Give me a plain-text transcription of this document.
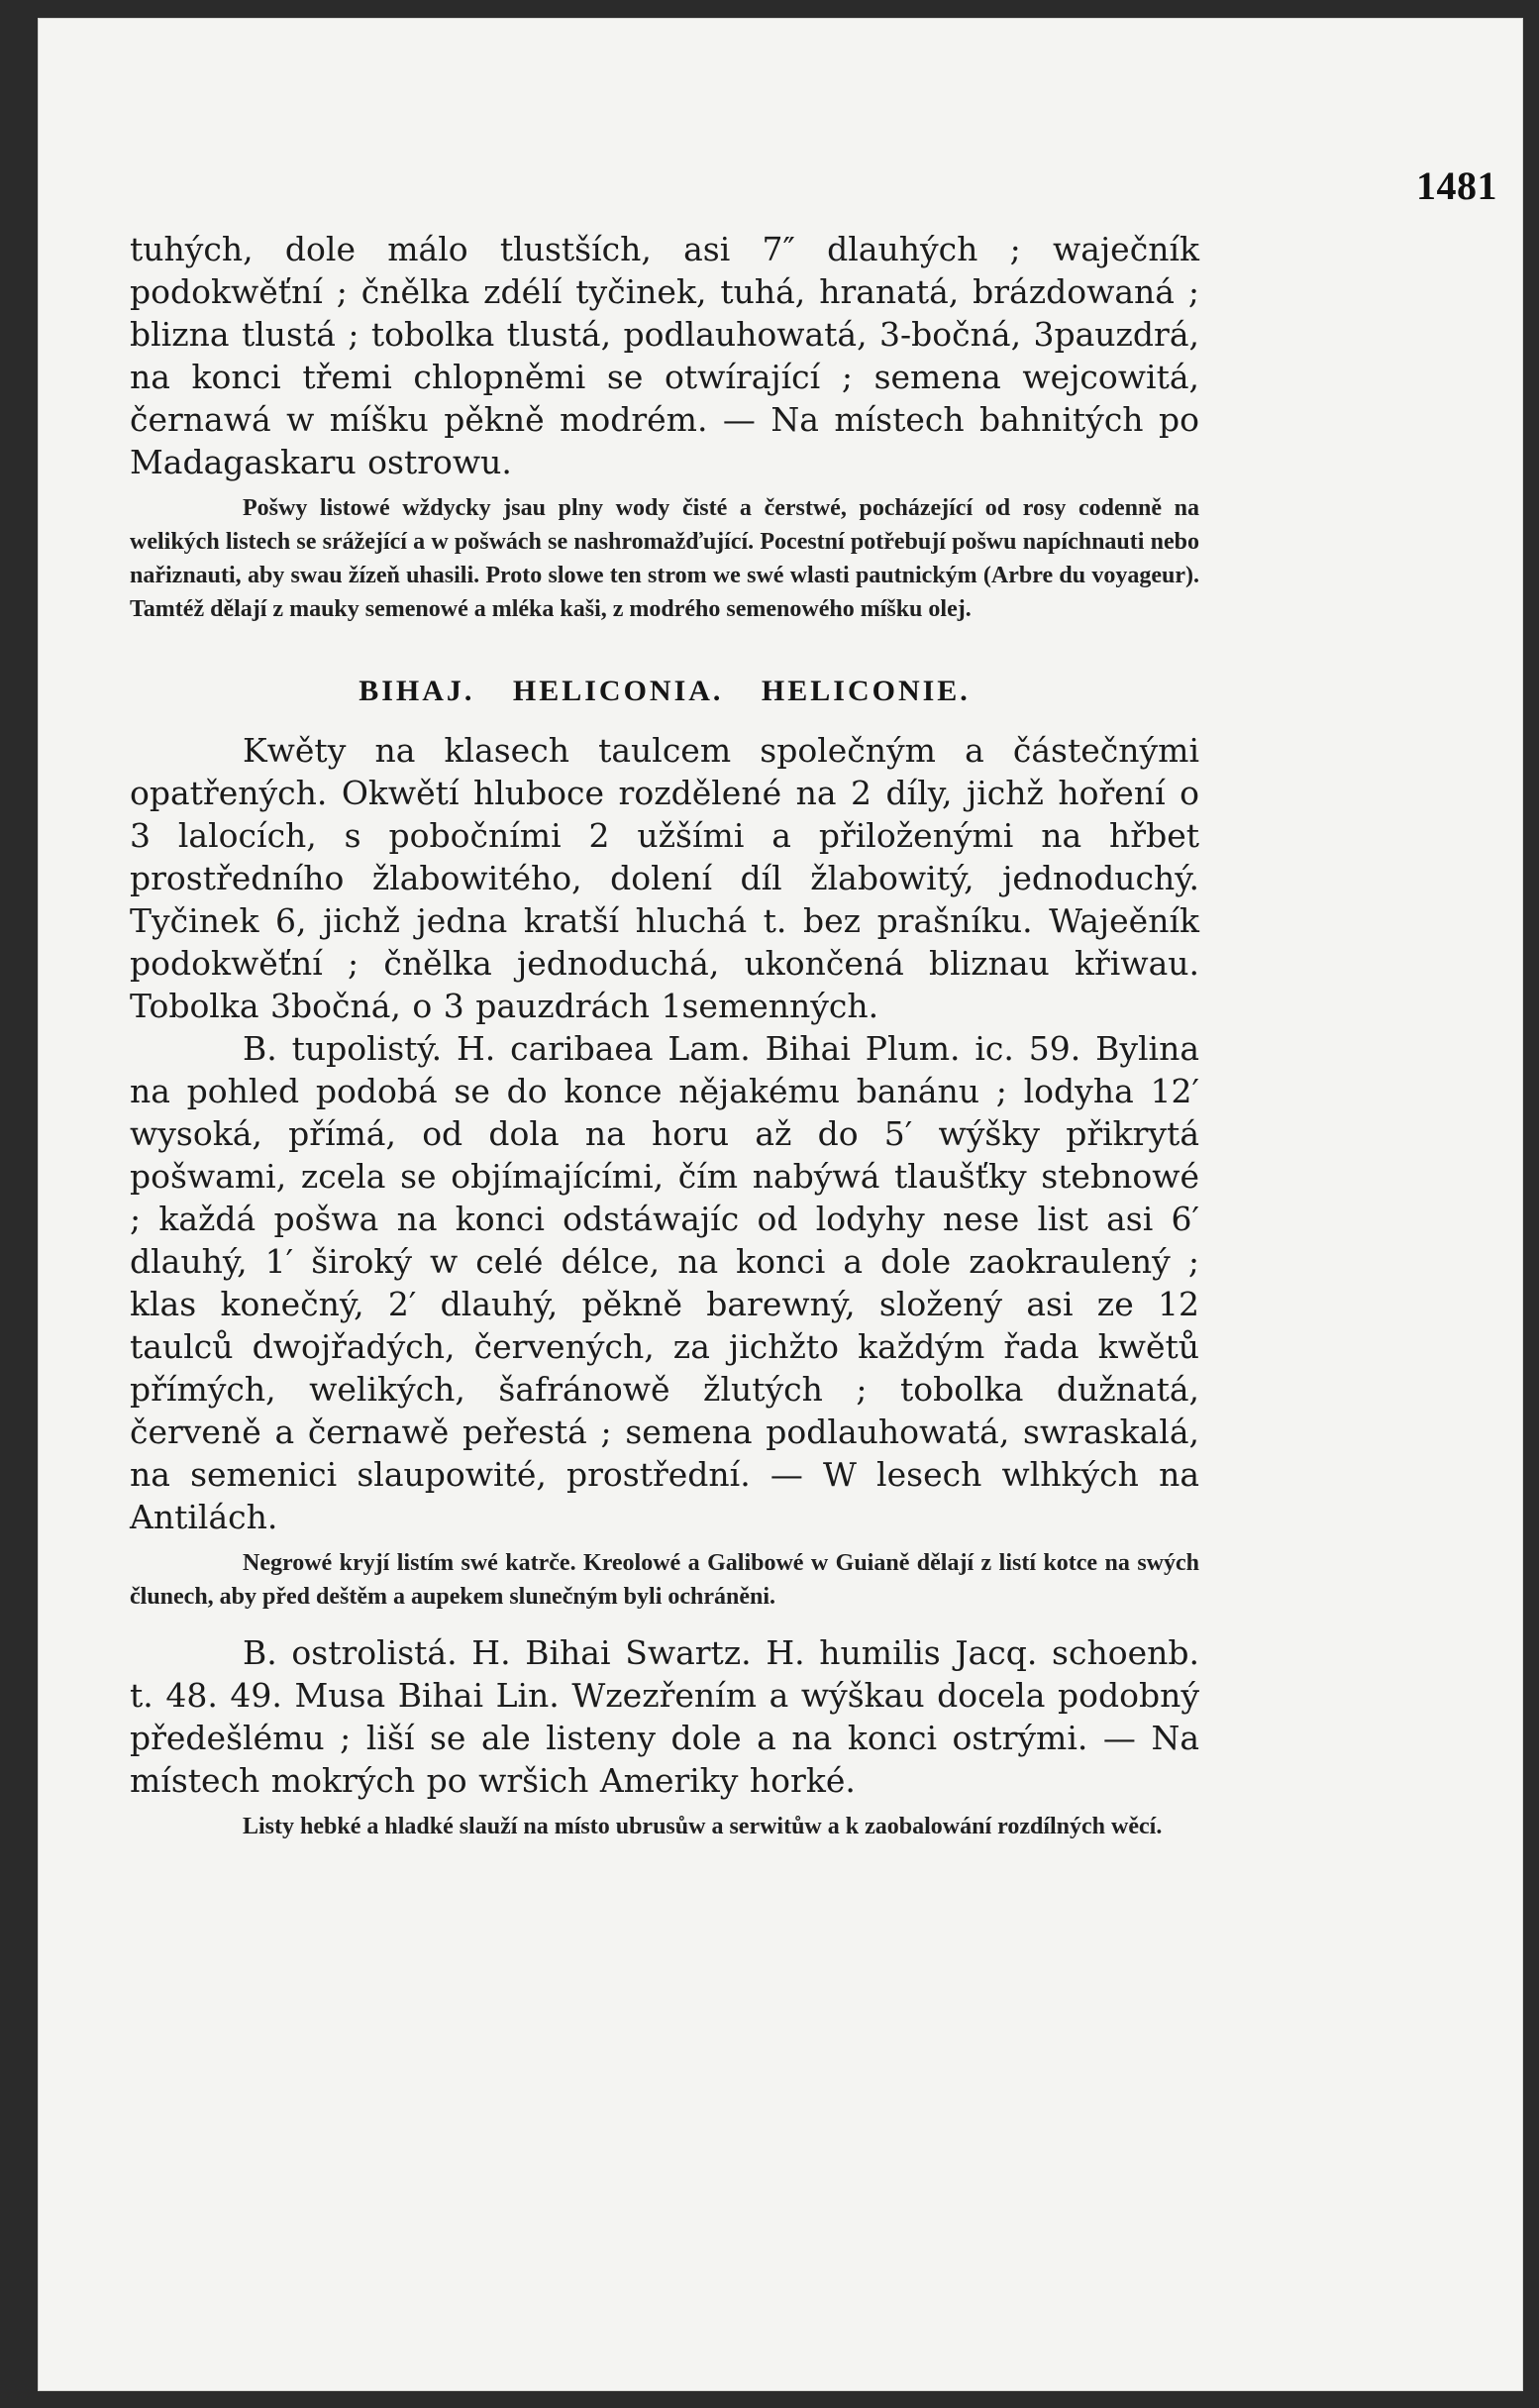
1481

tuhých, dole málo tlustších, asi 7″ dlauhých ; waječník podokwěťní ; čnělka zdélí tyčinek, tuhá, hranatá, brázdowaná ; blizna tlustá ; tobolka tlustá, podlauhowatá, 3-bočná, 3pauzdrá, na konci třemi chlopněmi se otwírající ; semena wejcowitá, černawá w míšku pěkně modrém. — Na místech bahnitých po Madagaskaru ostrowu.

Pošwy listowé wždycky jsau plny wody čisté a čerstwé, pocházející od rosy codenně na welikých listech se srážející a w pošwách se nashromažďující. Pocestní potřebují pošwu napíchnauti nebo nařiznauti, aby swau žízeň uhasili. Proto slowe ten strom we swé wlasti pautnickým (Arbre du voyageur). Tamtéž dělají z mauky semenowé a mléka kaši, z modrého semenowého míšku olej.

BIHAJ. HELICONIA. HELICONIE.

Kwěty na klasech taulcem společným a částečnými opatřených. Okwětí hluboce rozdělené na 2 díly, jichž hoření o 3 lalocích, s pobočními 2 užšími a přiloženými na hřbet prostředního žlabowitého, dolení díl žlabowitý, jednoduchý. Tyčinek 6, jichž jedna kratší hluchá t. bez prašníku. Wajeěník podokwěťní ; čnělka jednoduchá, ukončená bliznau křiwau. Tobolka 3bočná, o 3 pauzdrách 1semenných.

B. tupolistý. H. caribaea Lam. Bihai Plum. ic. 59. Bylina na pohled podobá se do konce nějakému banánu ; lodyha 12′ wysoká, přímá, od dola na horu až do 5′ wýšky přikrytá pošwami, zcela se objímajícími, čím nabýwá tlaušťky stebnowé ; každá pošwa na konci odstáwajíc od lodyhy nese list asi 6′ dlauhý, 1′ široký w celé délce, na konci a dole zaokraulený ; klas konečný, 2′ dlauhý, pěkně barewný, složený asi ze 12 taulců dwojřadých, červených, za jichžto každým řada kwětů přímých, welikých, šafránowě žlutých ; tobolka dužnatá, červeně a černawě peřestá ; semena podlauhowatá, swraskalá, na semenici slaupowité, prostřední. — W lesech wlhkých na Antilách.

Negrowé kryjí listím swé katrče. Kreolowé a Galibowé w Guianě dělají z listí kotce na swých člunech, aby před deštěm a aupekem slunečným byli ochráněni.

B. ostrolistá. H. Bihai Swartz. H. humilis Jacq. schoenb. t. 48. 49. Musa Bihai Lin. Wzezřením a wýškau docela podobný předešlému ; liší se ale listeny dole a na konci ostrými. — Na místech mokrých po wršich Ameriky horké.

Listy hebké a hladké slauží na místo ubrusůw a serwitůw a k zaobalowání rozdílných wěcí.
